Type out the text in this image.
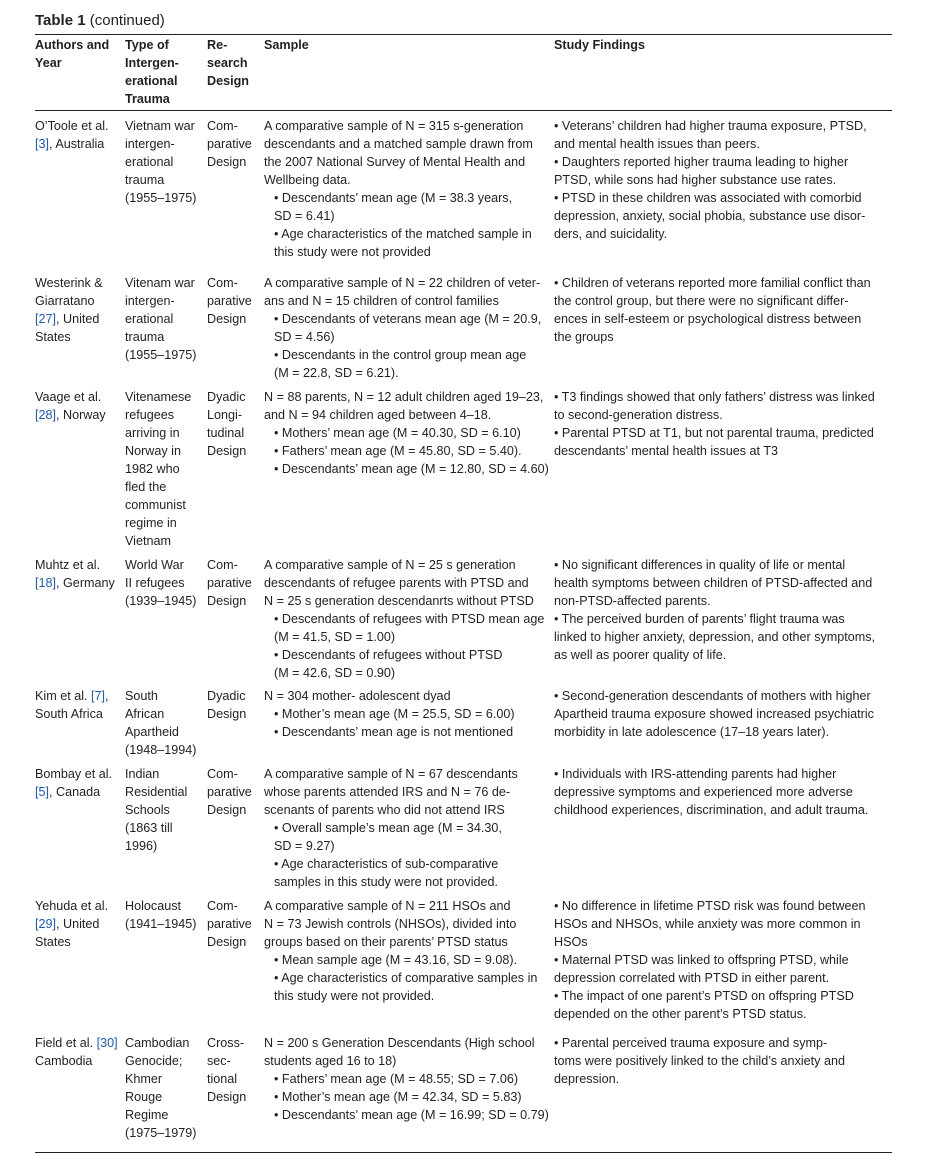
Table 1 (continued)
Authors and
Year
Type of
Intergen-
erational
Trauma
Re-
search
Design
Sample	Study Findings
O’Toole et al.
[3], Australia
Vietnam war
intergen-
erational
trauma
(1955–1975)
Com-
parative
Design
A comparative sample of N = 315 s-generation
descendants and a matched sample drawn from
the 2007 National Survey of Mental Health and
Wellbeing data.
• Descendants’ mean age (M = 38.3 years,
SD = 6.41)
• Age characteristics of the matched sample in
this study were not provided
• Veterans’ children had higher trauma exposure, PTSD,
and mental health issues than peers.
• Daughters reported higher trauma leading to higher
PTSD, while sons had higher substance use rates.
• PTSD in these children was associated with comorbid
depression, anxiety, social phobia, substance use disor-
ders, and suicidality.
Westerink &
Giarratano
[27], United
States
Vitenam war
intergen-
erational
trauma
(1955–1975)
Com-
parative
Design
A comparative sample of N = 22 children of veter-
ans and N = 15 children of control families
• Descendants of veterans mean age (M = 20.9,
SD = 4.56)
• Descendants in the control group mean age
(M = 22.8, SD = 6.21).
• Children of veterans reported more familial conflict than
the control group, but there were no significant differ-
ences in self-esteem or psychological distress between
the groups
Vaage et al.
[28], Norway
Vitenamese
refugees
arriving in
Norway in
1982 who
fled the
communist
regime in
Vietnam
Dyadic
Longi-
tudinal
Design
N = 88 parents, N = 12 adult children aged 19–23,
and N = 94 children aged between 4–18.
• Mothers’ mean age (M = 40.30, SD = 6.10)
• Fathers’ mean age (M = 45.80, SD = 5.40).
• Descendants’ mean age (M = 12.80, SD = 4.60)
• T3 findings showed that only fathers’ distress was linked
to second-generation distress.
• Parental PTSD at T1, but not parental trauma, predicted
descendants’ mental health issues at T3
Muhtz et al.
[18], Germany
World War
II refugees
(1939–1945)
Com-
parative
Design
A comparative sample of N = 25 s generation
descendants of refugee parents with PTSD and
N = 25 s generation descendanrts without PTSD
• Descendants of refugees with PTSD mean age
(M = 41.5, SD = 1.00)
• Descendants of refugees without PTSD
(M = 42.6, SD = 0.90)
• No significant differences in quality of life or mental
health symptoms between children of PTSD-affected and
non-PTSD-affected parents.
• The perceived burden of parents’ flight trauma was
linked to higher anxiety, depression, and other symptoms,
as well as poorer quality of life.
Kim et al. [7],
South Africa
South
African
Apartheid
(1948–1994)
Dyadic
Design
N = 304 mother- adolescent dyad
• Mother’s mean age (M = 25.5, SD = 6.00)
• Descendants’ mean age is not mentioned
• Second-generation descendants of mothers with higher
Apartheid trauma exposure showed increased psychiatric
morbidity in late adolescence (17–18 years later).
Bombay et al.
[5], Canada
Indian
Residential
Schools
(1863 till
1996)
Com-
parative
Design
A comparative sample of N = 67 descendants
whose parents attended IRS and N = 76 de-
scenants of parents who did not attend IRS
• Overall sample’s mean age (M = 34.30,
SD = 9.27)
• Age characteristics of sub-comparative
samples in this study were not provided.
• Individuals with IRS-attending parents had higher
depressive symptoms and experienced more adverse
childhood experiences, discrimination, and adult trauma.
Yehuda et al.
[29], United
States
Holocaust
(1941–1945)
Com-
parative
Design
A comparative sample of N = 211 HSOs and
N = 73 Jewish controls (NHSOs), divided into
groups based on their parents’ PTSD status
• Mean sample age (M = 43.16, SD = 9.08).
• Age characteristics of comparative samples in
this study were not provided.
• No difference in lifetime PTSD risk was found between
HSOs and NHSOs, while anxiety was more common in
HSOs
• Maternal PTSD was linked to offspring PTSD, while
depression correlated with PTSD in either parent.
• The impact of one parent’s PTSD on offspring PTSD
depended on the other parent’s PTSD status.
Field et al. [30]
Cambodia
Cambodian
Genocide;
Khmer
Rouge
Regime
(1975–1979)
Cross-
sec-
tional
Design
N = 200 s Generation Descendants (High school
students aged 16 to 18)
• Fathers’ mean age (M = 48.55; SD = 7.06)
• Mother’s mean age (M = 42.34, SD = 5.83)
• Descendants’ mean age (M = 16.99; SD = 0.79)
• Parental perceived trauma exposure and symp-
toms were positively linked to the child’s anxiety and
depression.
